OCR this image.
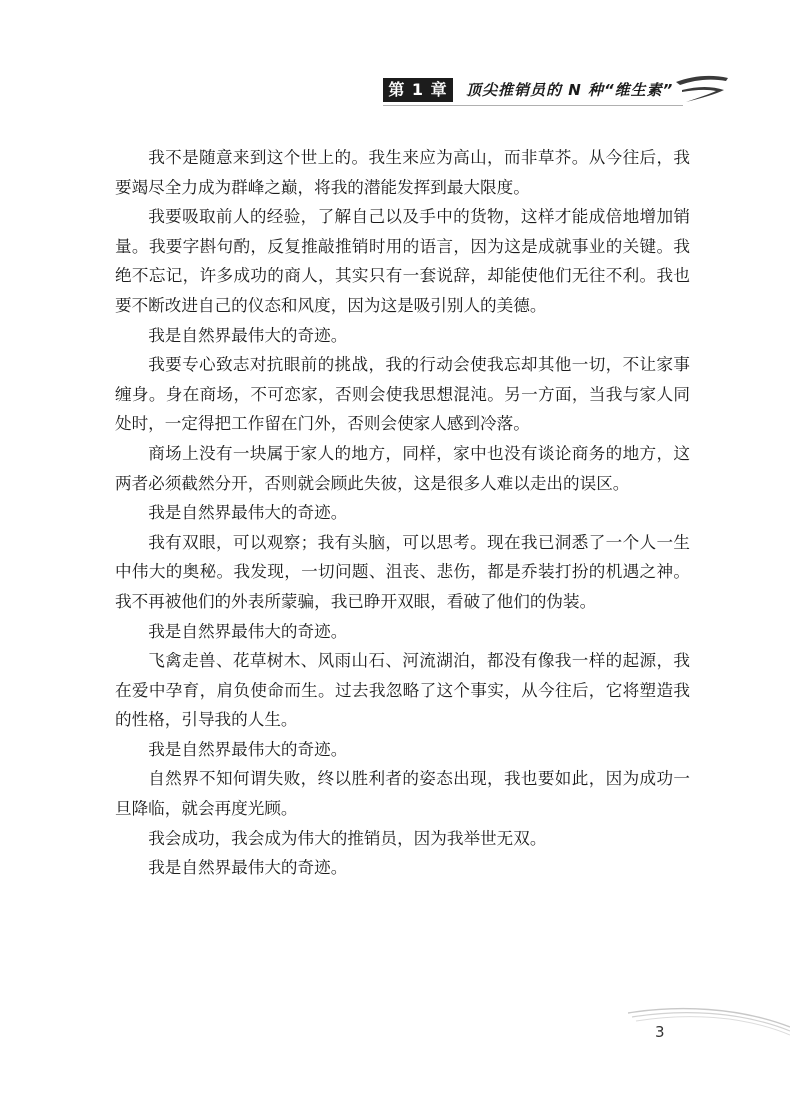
第 1 章	顶尖推销员的 N 种“维生素”

我不是随意来到这个世上的。我生来应为高山，而非草芥。从今往后，我要竭尽全力成为群峰之巅，将我的潜能发挥到最大限度。

我要吸取前人的经验，了解自己以及手中的货物，这样才能成倍地增加销量。我要字斟句酌，反复推敲推销时用的语言，因为这是成就事业的关键。我绝不忘记，许多成功的商人，其实只有一套说辞，却能使他们无往不利。我也要不断改进自己的仪态和风度，因为这是吸引别人的美德。

我是自然界最伟大的奇迹。

我要专心致志对抗眼前的挑战，我的行动会使我忘却其他一切，不让家事缠身。身在商场，不可恋家，否则会使我思想混沌。另一方面，当我与家人同处时，一定得把工作留在门外，否则会使家人感到冷落。

商场上没有一块属于家人的地方，同样，家中也没有谈论商务的地方，这两者必须截然分开，否则就会顾此失彼，这是很多人难以走出的误区。

我是自然界最伟大的奇迹。

我有双眼，可以观察；我有头脑，可以思考。现在我已洞悉了一个人一生中伟大的奥秘。我发现，一切问题、沮丧、悲伤，都是乔装打扮的机遇之神。我不再被他们的外表所蒙骗，我已睁开双眼，看破了他们的伪装。

我是自然界最伟大的奇迹。

飞禽走兽、花草树木、风雨山石、河流湖泊，都没有像我一样的起源，我在爱中孕育，肩负使命而生。过去我忽略了这个事实，从今往后，它将塑造我的性格，引导我的人生。

我是自然界最伟大的奇迹。

自然界不知何谓失败，终以胜利者的姿态出现，我也要如此，因为成功一旦降临，就会再度光顾。

我会成功，我会成为伟大的推销员，因为我举世无双。

我是自然界最伟大的奇迹。

3
